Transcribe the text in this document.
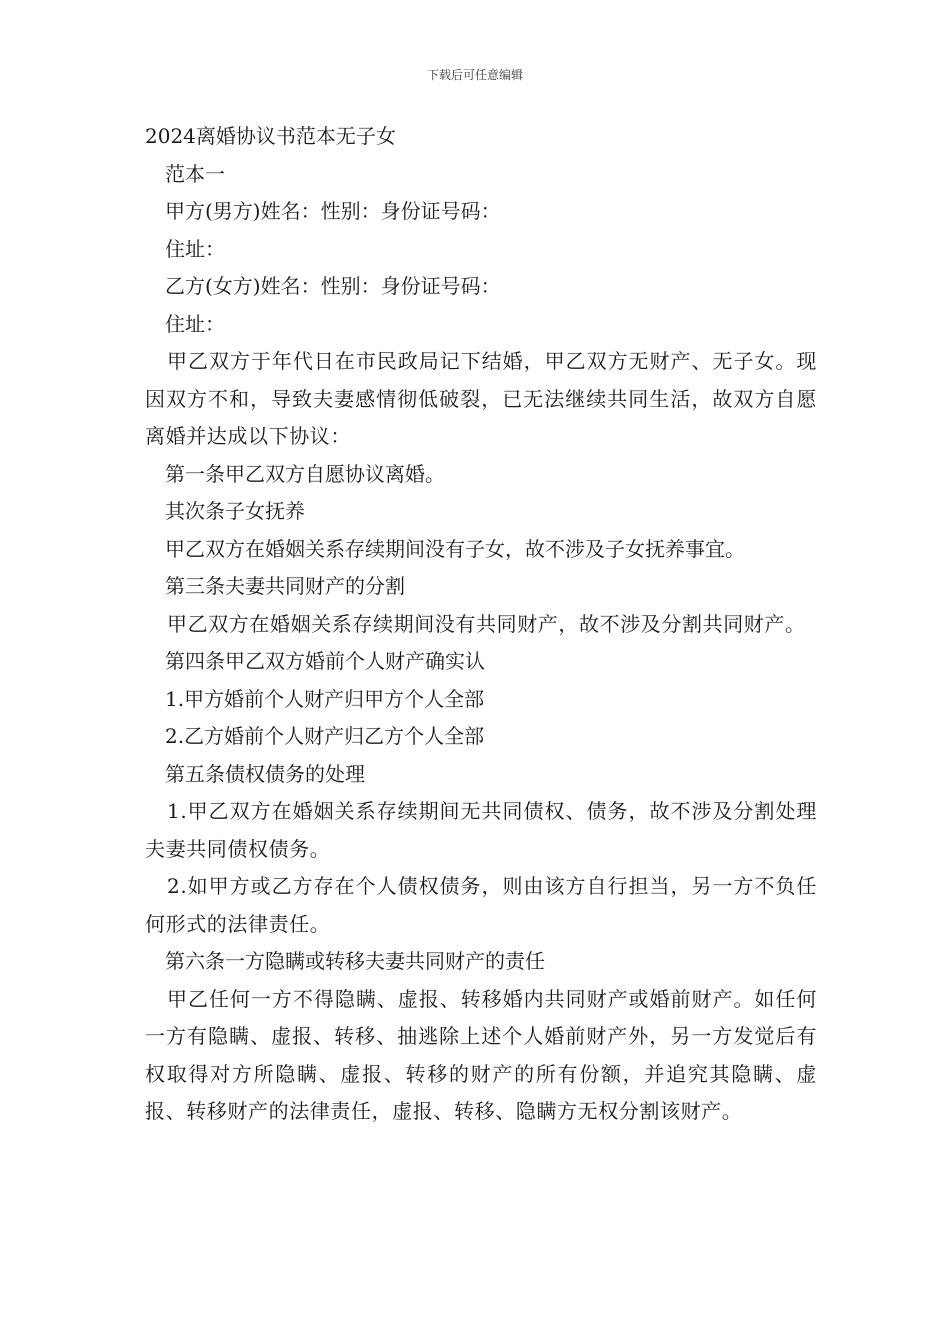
下载后可任意编辑

2024离婚协议书范本无子女

范本一

甲方(男方)姓名：性别：身份证号码：

住址：

乙方(女方)姓名：性别：身份证号码：

住址：

甲乙双方于年代日在市民政局记下结婚，甲乙双方无财产、无子女。现因双方不和，导致夫妻感情彻低破裂，已无法继续共同生活，故双方自愿离婚并达成以下协议：

第一条甲乙双方自愿协议离婚。

其次条子女抚养

甲乙双方在婚姻关系存续期间没有子女，故不涉及子女抚养事宜。

第三条夫妻共同财产的分割

甲乙双方在婚姻关系存续期间没有共同财产，故不涉及分割共同财产。

第四条甲乙双方婚前个人财产确实认

1.甲方婚前个人财产归甲方个人全部

2.乙方婚前个人财产归乙方个人全部

第五条债权债务的处理

1.甲乙双方在婚姻关系存续期间无共同债权、债务，故不涉及分割处理夫妻共同债权债务。

2.如甲方或乙方存在个人债权债务，则由该方自行担当，另一方不负任何形式的法律责任。

第六条一方隐瞒或转移夫妻共同财产的责任

甲乙任何一方不得隐瞒、虚报、转移婚内共同财产或婚前财产。如任何一方有隐瞒、虚报、转移、抽逃除上述个人婚前财产外，另一方发觉后有权取得对方所隐瞒、虚报、转移的财产的所有份额，并追究其隐瞒、虚报、转移财产的法律责任，虚报、转移、隐瞒方无权分割该财产。
